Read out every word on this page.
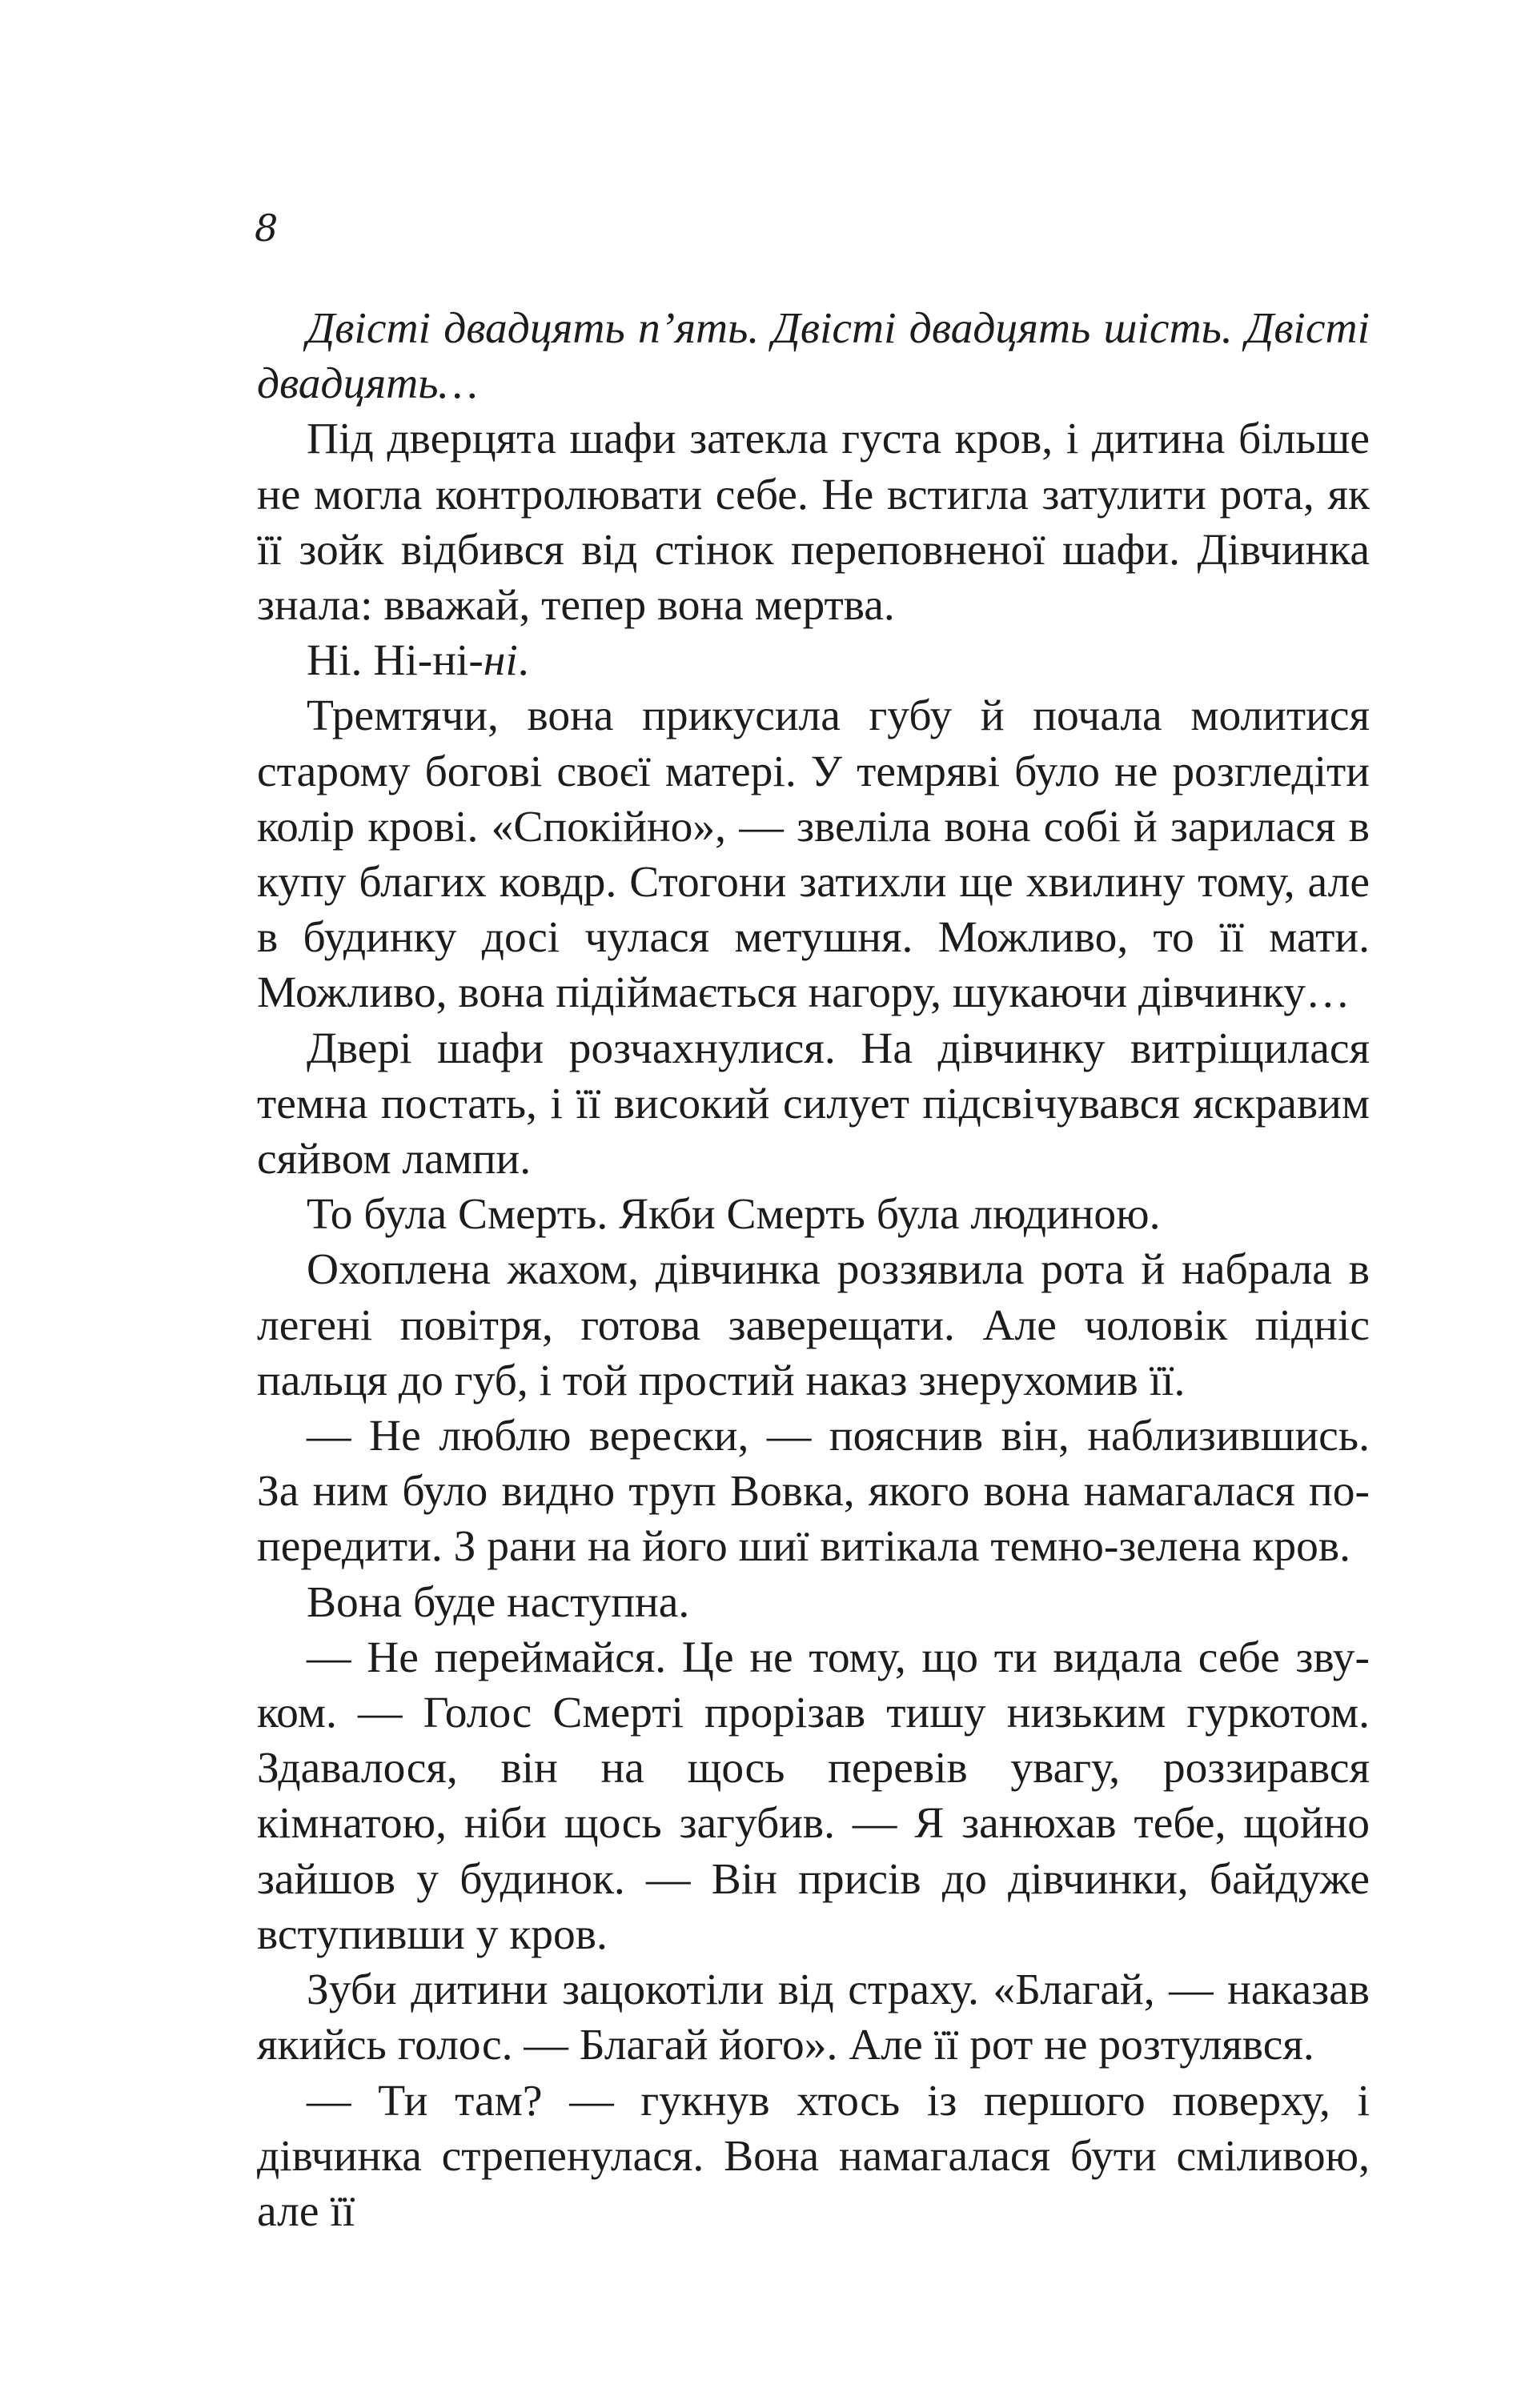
8

Двісті двадцять п’ять. Двісті двадцять шість. Двісті двадцять…

Під дверцята шафи затекла густа кров, і дитина більше не могла контролювати себе. Не встигла затулити рота, як її зойк відбився від стінок переповненої шафи. Дівчинка знала: вважай, тепер вона мертва.

Ні. Ні-ні-ні.

Тремтячи, вона прикусила губу й почала молитися старому богові своєї матері. У темряві було не розгледіти колір крові. «Спокійно», — звеліла вона собі й зарилася в купу благих ковдр. Стогони затихли ще хвилину тому, але в будинку досі чулася метушня. Можливо, то її мати. Можливо, вона підіймається нагору, шукаючи дівчинку…

Двері шафи розчахнулися. На дівчинку витріщилася темна постать, і її високий силует підсвічувався яскравим сяйвом лампи.

То була Смерть. Якби Смерть була людиною.

Охоплена жахом, дівчинка роззявила рота й набрала в легені повітря, готова заверещати. Але чоловік підніс пальця до губ, і той простий наказ знерухомив її.

— Не люблю верески, — пояснив він, наблизившись. За ним було видно труп Вовка, якого вона намагалася попередити. З рани на його шиї витікала темно-зелена кров.

Вона буде наступна.

— Не переймайся. Це не тому, що ти видала себе звуком. — Голос Смерті прорізав тишу низьким гуркотом. Здавалося, він на щось перевів увагу, роззирався кімнатою, ніби щось загубив. — Я занюхав тебе, щойно зайшов у будинок. — Він присів до дівчинки, байдуже вступивши у кров.

Зуби дитини зацокотіли від страху. «Благай, — наказав якийсь голос. — Благай його». Але її рот не розтулявся.

— Ти там? — гукнув хтось із першого поверху, і дівчинка стрепенулася. Вона намагалася бути сміливою, але її
